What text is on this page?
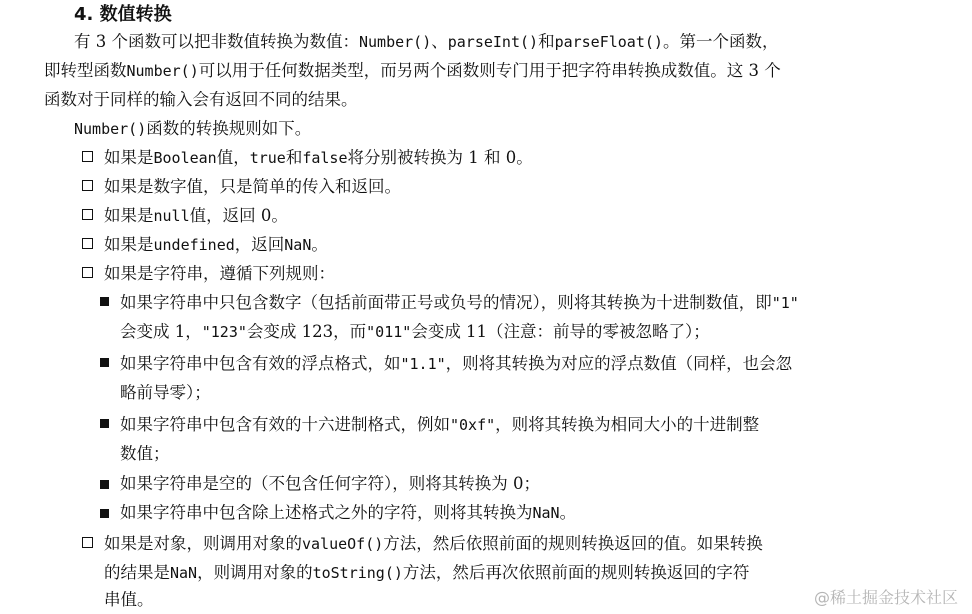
4. 数值转换
有 3 个函数可以把非数值转换为数值：Number()、parseInt()和parseFloat()。第一个函数，
即转型函数Number()可以用于任何数据类型，而另两个函数则专门用于把字符串转换成数值。这 3 个
函数对于同样的输入会有返回不同的结果。
Number()函数的转换规则如下。
如果是Boolean值，true和false将分别被转换为 1 和 0。
如果是数字值，只是简单的传入和返回。
如果是null值，返回 0。
如果是undefined，返回NaN。
如果是字符串，遵循下列规则：
如果字符串中只包含数字（包括前面带正号或负号的情况），则将其转换为十进制数值，即"1"
会变成 1，"123"会变成 123，而"011"会变成 11（注意：前导的零被忽略了）；
如果字符串中包含有效的浮点格式，如"1.1"，则将其转换为对应的浮点数值（同样，也会忽
略前导零）；
如果字符串中包含有效的十六进制格式，例如"0xf"，则将其转换为相同大小的十进制整
数值；
如果字符串是空的（不包含任何字符），则将其转换为 0；
如果字符串中包含除上述格式之外的字符，则将其转换为NaN。
如果是对象，则调用对象的valueOf()方法，然后依照前面的规则转换返回的值。如果转换
的结果是NaN，则调用对象的toString()方法，然后再次依照前面的规则转换返回的字符
串值。	@稀土掘金技术社区
